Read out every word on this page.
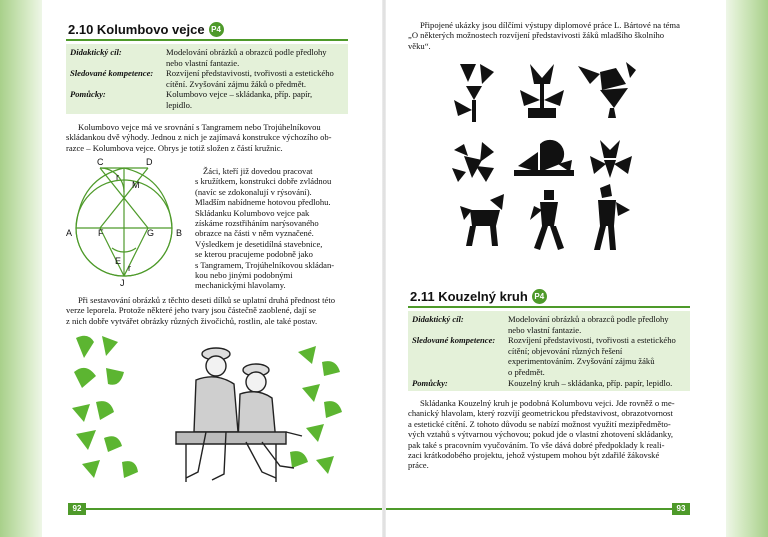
2.10 Kolumbovo vejce P4
Didaktický cíl:	Modelování obrázků a obrazců podle předlohy
nebo vlastní fantazie.
Sledované kompetence:	Rozvíjení představivosti, tvořivosti a estetického
cítění. Zvyšování zájmu žáků o předmět.
Pomůcky:	Kolumbovo vejce – skládanka, příp. papír,
lepidlo.
Kolumbovo vejce má ve srovnání s Tangramem nebo Trojúhelníkovou
skládankou dvě výhody. Jednou z nich je zajímavá konstrukce výchozího ob-
razce – Kolumbova vejce. Obrys je totiž složen z částí kružnic.
C	D
r
M
A	F	G B
E
r
J
Žáci, kteří již dovedou pracovat
s kružítkem, konstrukci dobře zvládnou
(navíc se zdokonalují v rýsování).
Mladším nabídneme hotovou předlohu.
Skládanku Kolumbovo vejce pak
získáme rozstřiháním narýsovaného
obrazce na části v něm vyznačené.
Výsledkem je desetidílná stavebnice,
se kterou pracujeme podobně jako
s Tangramem, Trojúhelníkovou skládan-
kou nebo jinými podobnými
mechanickými hlavolamy.
Při sestavování obrázků z těchto deseti dílků se uplatní druhá přednost této
verze leporela. Protože některé jeho tvary jsou částečně zaoblené, dají se
z nich dobře vytvářet obrázky různých živočichů, rostlin, ale také postav.
92
Připojené ukázky jsou dílčími výstupy diplomové práce L. Bártové na téma
„O některých možnostech rozvíjení představivosti žáků mladšího školního
věku“.
2.11 Kouzelný kruh P4
Didaktický cíl:	Modelování obrázků a obrazců podle předlohy
nebo vlastní fantazie.
Sledované kompetence:	Rozvíjení představivosti, tvořivosti a estetického
cítění; objevování různých řešení
experimentováním. Zvyšování zájmu žáků
o předmět.
Pomůcky:	Kouzelný kruh – skládanka, příp. papír, lepidlo.
Skládanka Kouzelný kruh je podobná Kolumbovu vejci. Jde rovněž o me-
chanický hlavolam, který rozvíjí geometrickou představivost, obrazotvornost
a estetické cítění. Z tohoto důvodu se nabízí možnost využití mezipředměto-
vých vztahů s výtvarnou výchovou; pokud jde o vlastní zhotovení skládanky,
pak také s pracovním vyučováním. To vše dává dobré předpoklady k reali-
zaci krátkodobého projektu, jehož výstupem mohou být zdařilé žákovské
práce.
93
